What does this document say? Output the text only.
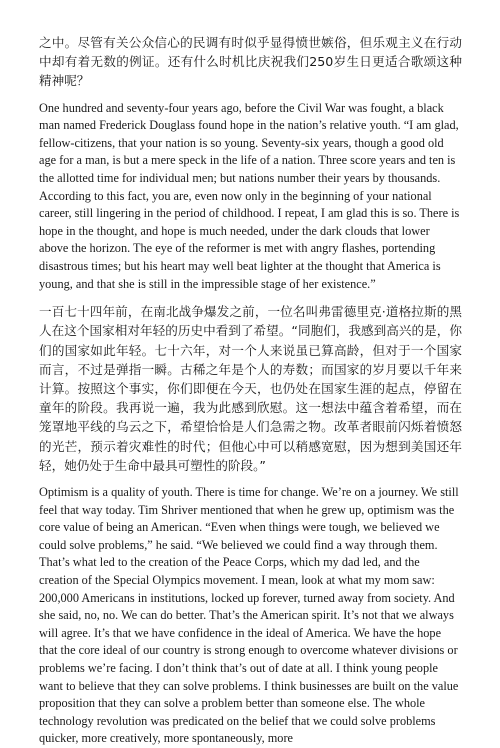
之中。尽管有关公众信心的民调有时似乎显得愤世嫉俗，但乐观主义在行动中却有着无数的例证。还有什么时机比庆祝我们250岁生日更适合歌颂这种精神呢？

One hundred and seventy-four years ago, before the Civil War was fought, a black man named Frederick Douglass found hope in the nation’s relative youth. “I am glad, fellow-citizens, that your nation is so young. Seventy-six years, though a good old age for a man, is but a mere speck in the life of a nation. Three score years and ten is the allotted time for individual men; but nations number their years by thousands. According to this fact, you are, even now only in the beginning of your national career, still lingering in the period of childhood. I repeat, I am glad this is so. There is hope in the thought, and hope is much needed, under the dark clouds that lower above the horizon. The eye of the reformer is met with angry flashes, portending disastrous times; but his heart may well beat lighter at the thought that America is young, and that she is still in the impressible stage of her existence.”

一百七十四年前，在南北战争爆发之前，一位名叫弗雷德里克·道格拉斯的黑人在这个国家相对年轻的历史中看到了希望。“同胞们，我感到高兴的是，你们的国家如此年轻。七十六年，对一个人来说虽已算高龄，但对于一个国家而言，不过是弹指一瞬。古稀之年是个人的寿数；而国家的岁月要以千年来计算。按照这个事实，你们即便在今天，也仍处在国家生涯的起点，停留在童年的阶段。我再说一遍，我为此感到欣慰。这一想法中蕴含着希望，而在笼罩地平线的乌云之下，希望恰恰是人们急需之物。改革者眼前闪烁着愤怒的光芒，预示着灾难性的时代；但他心中可以稍感宽慰，因为想到美国还年轻，她仍处于生命中最具可塑性的阶段。”

Optimism is a quality of youth. There is time for change. We’re on a journey. We still feel that way today. Tim Shriver mentioned that when he grew up, optimism was the core value of being an American. “Even when things were tough, we believed we could solve problems,” he said. “We believed we could find a way through them. That’s what led to the creation of the Peace Corps, which my dad led, and the creation of the Special Olympics movement. I mean, look at what my mom saw: 200,000 Americans in institutions, locked up forever, turned away from society. And she said, no, no. We can do better. That’s the American spirit. It’s not that we always will agree. It’s that we have confidence in the ideal of America. We have the hope that the core ideal of our country is strong enough to overcome whatever divisions or problems we’re facing. I don’t think that’s out of date at all. I think young people want to believe that they can solve problems. I think businesses are built on the value proposition that they can solve a problem better than someone else. The whole technology revolution was predicated on the belief that we could solve problems quicker, more creatively, more spontaneously, more
